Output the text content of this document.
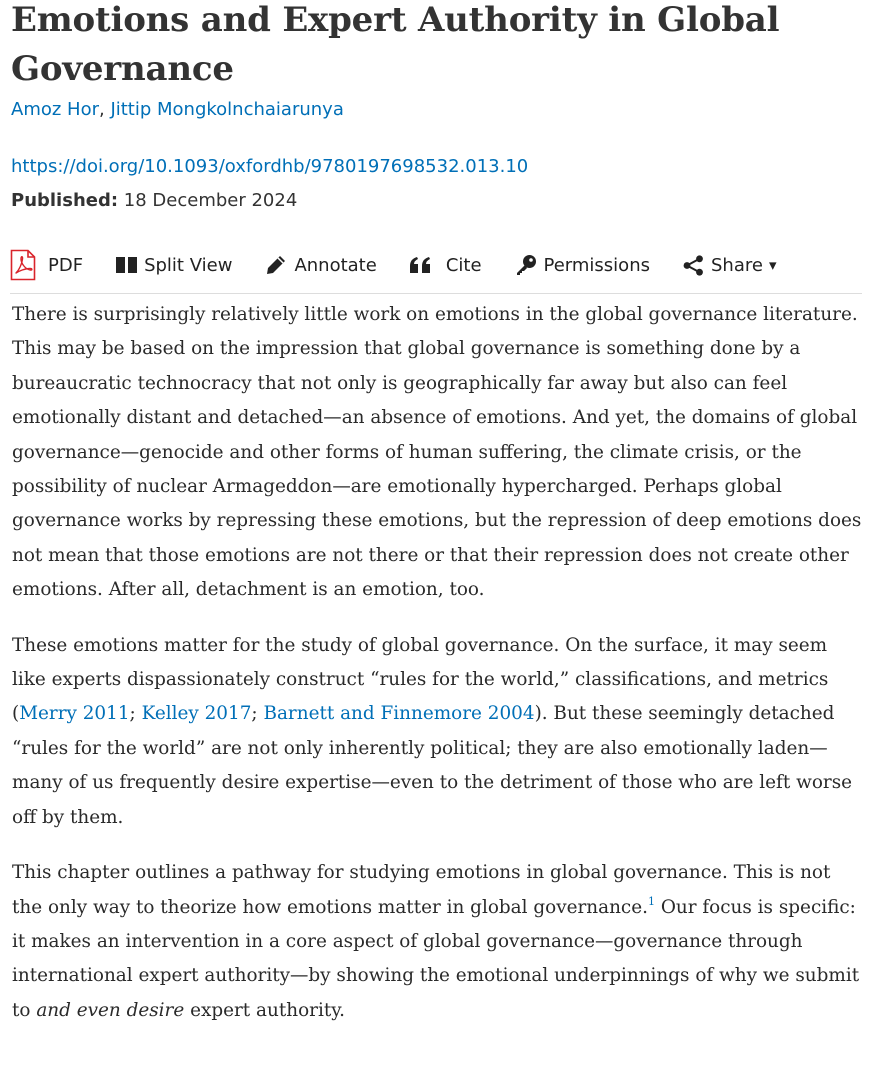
Emotions and Expert Authority in Global Governance

Amoz Hor, Jittip Mongkolnchaiarunya

https://doi.org/10.1093/oxfordhb/9780197698532.013.10

Published: 18 December 2024

PDF	Split View	Annotate	Cite	Permissions	Share ▾

There is surprisingly relatively little work on emotions in the global governance literature. This may be based on the impression that global governance is something done by a bureaucratic technocracy that not only is geographically far away but also can feel emotionally distant and detached—an absence of emotions. And yet, the domains of global governance—genocide and other forms of human suffering, the climate crisis, or the possibility of nuclear Armageddon—are emotionally hypercharged. Perhaps global governance works by repressing these emotions, but the repression of deep emotions does not mean that those emotions are not there or that their repression does not create other emotions. After all, detachment is an emotion, too.

These emotions matter for the study of global governance. On the surface, it may seem like experts dispassionately construct “rules for the world,” classifications, and metrics (Merry 2011; Kelley 2017; Barnett and Finnemore 2004). But these seemingly detached “rules for the world” are not only inherently political; they are also emotionally laden—many of us frequently desire expertise—even to the detriment of those who are left worse off by them.

This chapter outlines a pathway for studying emotions in global governance. This is not the only way to theorize how emotions matter in global governance.$^1$ Our focus is specific: it makes an intervention in a core aspect of global governance—governance through international expert authority—by showing the emotional underpinnings of why we submit to and even desire expert authority.
